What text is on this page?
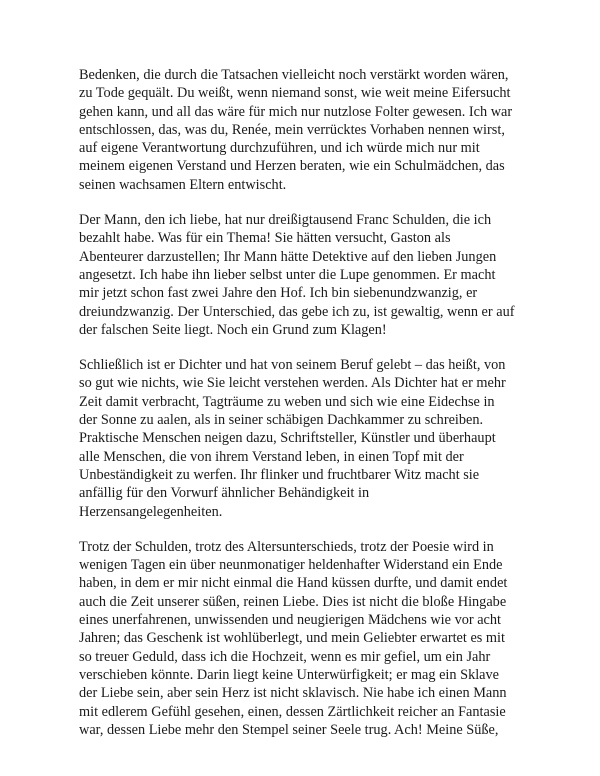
Bedenken, die durch die Tatsachen vielleicht noch verstärkt worden wären,
zu Tode gequält. Du weißt, wenn niemand sonst, wie weit meine Eifersucht
gehen kann, und all das wäre für mich nur nutzlose Folter gewesen. Ich war
entschlossen, das, was du, Renée, mein verrücktes Vorhaben nennen wirst,
auf eigene Verantwortung durchzuführen, und ich würde mich nur mit
meinem eigenen Verstand und Herzen beraten, wie ein Schulmädchen, das
seinen wachsamen Eltern entwischt.

Der Mann, den ich liebe, hat nur dreißigtausend Franc Schulden, die ich
bezahlt habe. Was für ein Thema! Sie hätten versucht, Gaston als
Abenteurer darzustellen; Ihr Mann hätte Detektive auf den lieben Jungen
angesetzt. Ich habe ihn lieber selbst unter die Lupe genommen. Er macht
mir jetzt schon fast zwei Jahre den Hof. Ich bin siebenundzwanzig, er
dreiundzwanzig. Der Unterschied, das gebe ich zu, ist gewaltig, wenn er auf
der falschen Seite liegt. Noch ein Grund zum Klagen!

Schließlich ist er Dichter und hat von seinem Beruf gelebt – das heißt, von
so gut wie nichts, wie Sie leicht verstehen werden. Als Dichter hat er mehr
Zeit damit verbracht, Tagträume zu weben und sich wie eine Eidechse in
der Sonne zu aalen, als in seiner schäbigen Dachkammer zu schreiben.
Praktische Menschen neigen dazu, Schriftsteller, Künstler und überhaupt
alle Menschen, die von ihrem Verstand leben, in einen Topf mit der
Unbeständigkeit zu werfen. Ihr flinker und fruchtbarer Witz macht sie
anfällig für den Vorwurf ähnlicher Behändigkeit in
Herzensangelegenheiten.

Trotz der Schulden, trotz des Altersunterschieds, trotz der Poesie wird in
wenigen Tagen ein über neunmonatiger heldenhafter Widerstand ein Ende
haben, in dem er mir nicht einmal die Hand küssen durfte, und damit endet
auch die Zeit unserer süßen, reinen Liebe. Dies ist nicht die bloße Hingabe
eines unerfahrenen, unwissenden und neugierigen Mädchens wie vor acht
Jahren; das Geschenk ist wohlüberlegt, und mein Geliebter erwartet es mit
so treuer Geduld, dass ich die Hochzeit, wenn es mir gefiel, um ein Jahr
verschieben könnte. Darin liegt keine Unterwürfigkeit; er mag ein Sklave
der Liebe sein, aber sein Herz ist nicht sklavisch. Nie habe ich einen Mann
mit edlerem Gefühl gesehen, einen, dessen Zärtlichkeit reicher an Fantasie
war, dessen Liebe mehr den Stempel seiner Seele trug. Ach! Meine Süße,
